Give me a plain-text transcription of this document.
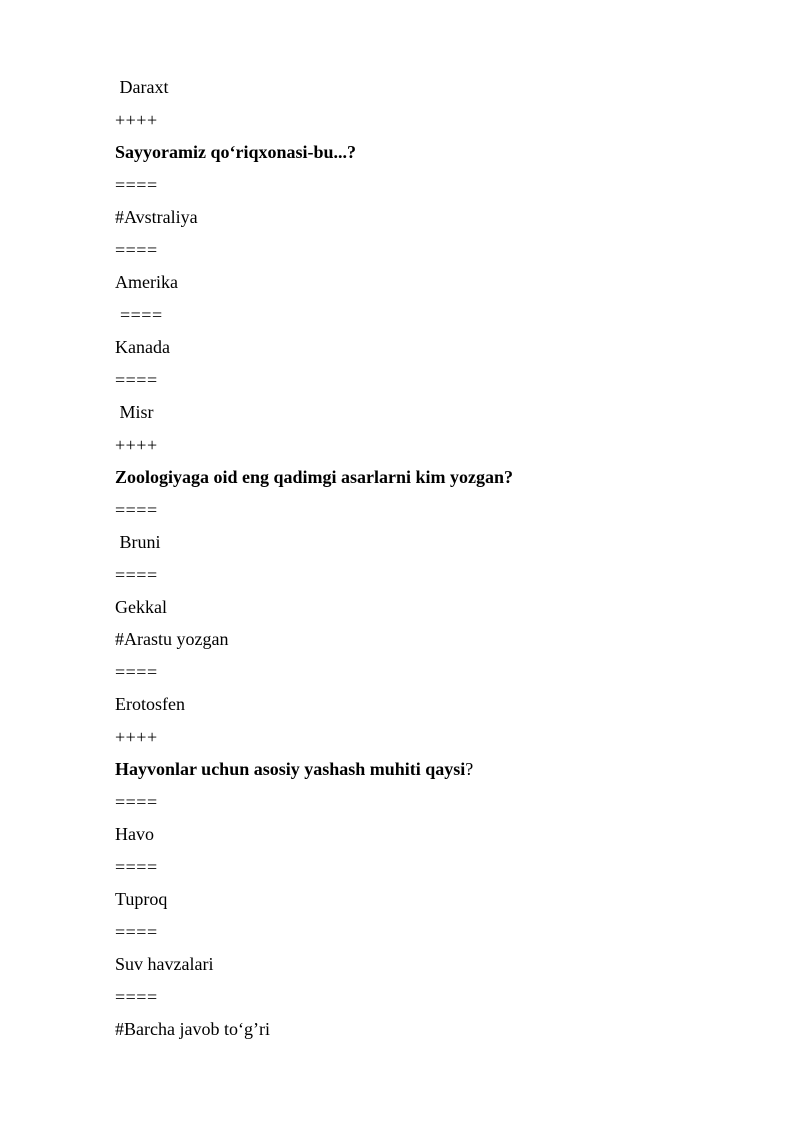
Daraxt
++++
Sayyoramiz qo‘riqxonasi-bu...?
====
#Avstraliya
====
Amerika
====
Kanada
====
Misr
++++
Zoologiyaga oid eng qadimgi asarlarni kim yozgan?
====
Bruni
====
Gekkal
#Arastu yozgan
====
Erotosfen
++++
Hayvonlar uchun asosiy yashash muhiti qaysi?
====
Havo
====
Tuproq
====
Suv havzalari
====
#Barcha javob to‘g’ri
